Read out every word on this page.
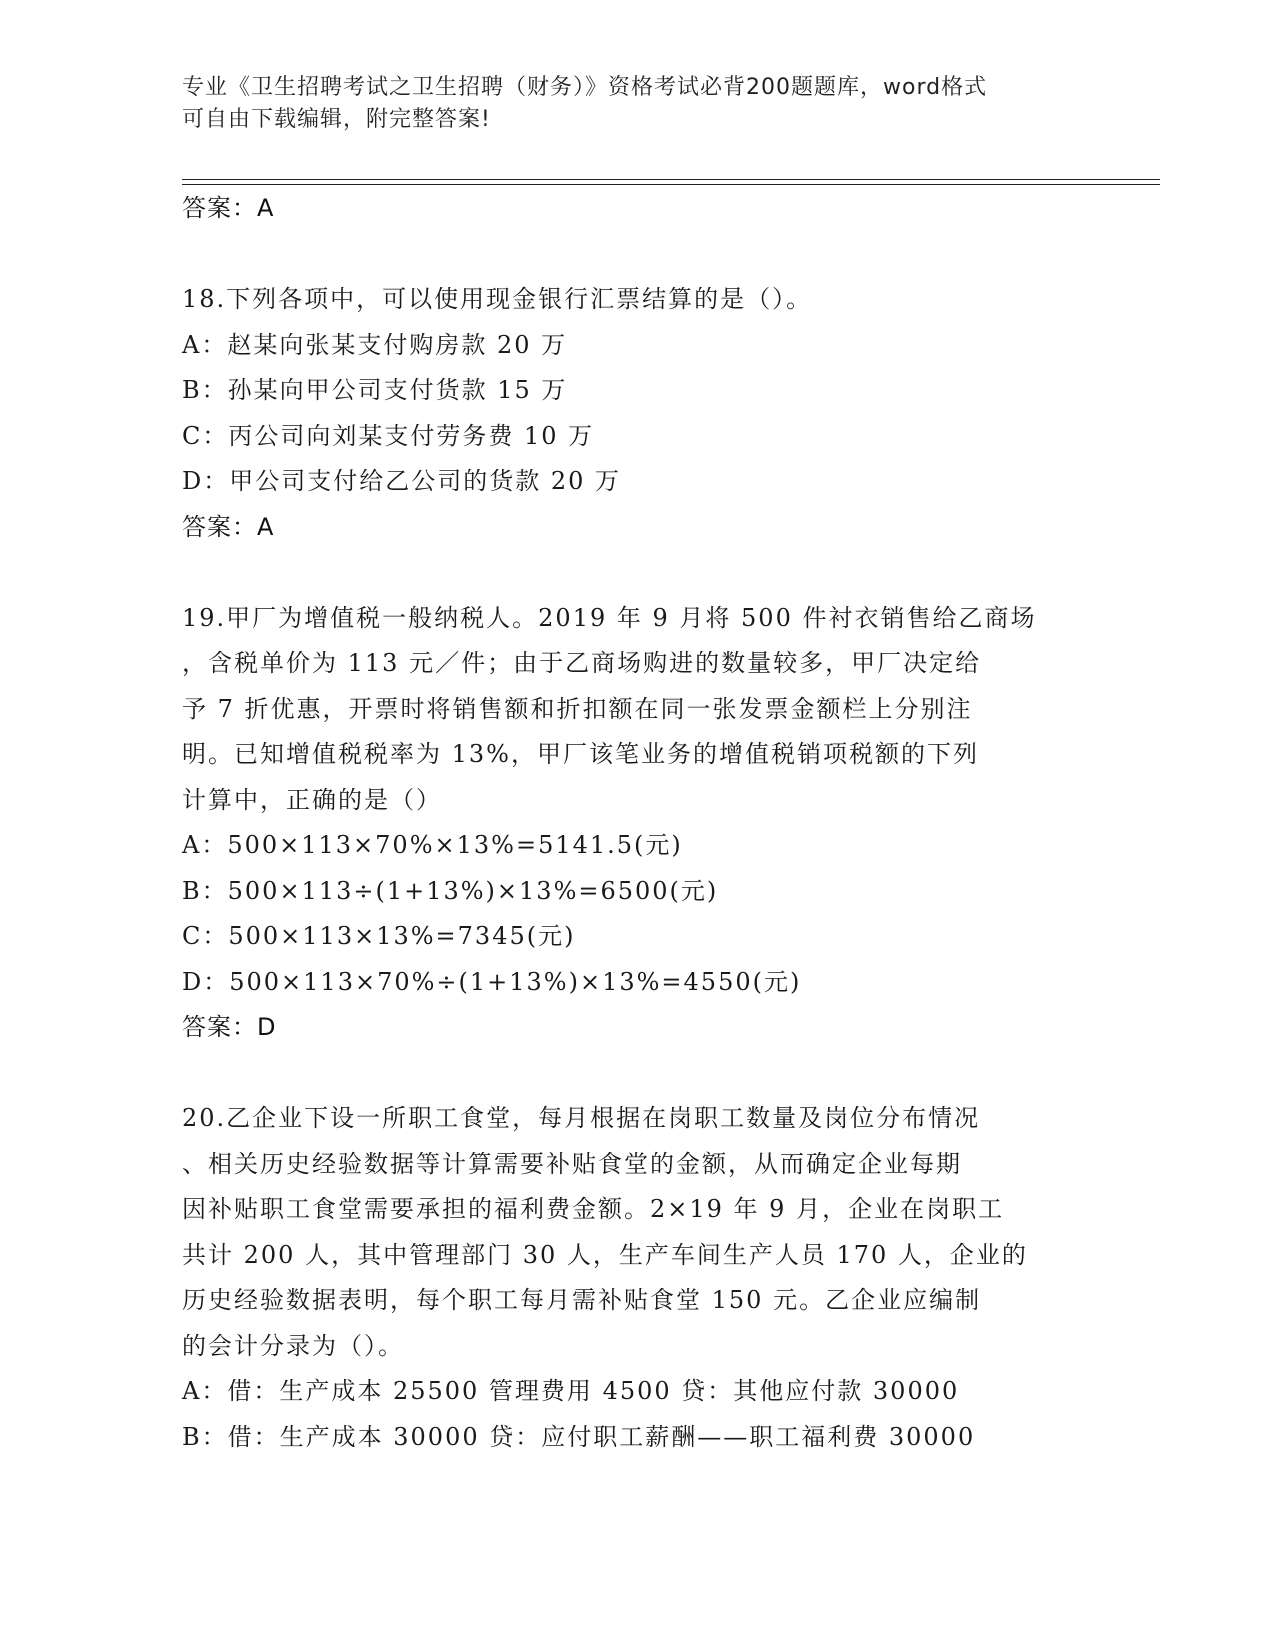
专业《卫生招聘考试之卫生招聘（财务）》资格考试必背200题题库，word格式
可自由下载编辑，附完整答案!
答案：A

18.下列各项中，可以使用现金银行汇票结算的是（）。

A：赵某向张某支付购房款 20 万

B：孙某向甲公司支付货款 15 万

C：丙公司向刘某支付劳务费 10 万

D：甲公司支付给乙公司的货款 20 万

答案：A

19.甲厂为增值税一般纳税人。2019 年 9 月将 500 件衬衣销售给乙商场

，含税单价为 113 元／件；由于乙商场购进的数量较多，甲厂决定给

予 7 折优惠，开票时将销售额和折扣额在同一张发票金额栏上分别注

明。已知增值税税率为 13%，甲厂该笔业务的增值税销项税额的下列

计算中，正确的是（）

A：500×113×70%×13%=5141.5(元)

B：500×113÷(1+13%)×13%=6500(元)

C：500×113×13%=7345(元)

D：500×113×70%÷(1+13%)×13%=4550(元)

答案：D

20.乙企业下设一所职工食堂，每月根据在岗职工数量及岗位分布情况

、相关历史经验数据等计算需要补贴食堂的金额，从而确定企业每期

因补贴职工食堂需要承担的福利费金额。2×19 年 9 月，企业在岗职工

共计 200 人，其中管理部门 30 人，生产车间生产人员 170 人，企业的

历史经验数据表明，每个职工每月需补贴食堂 150 元。乙企业应编制

的会计分录为（）。

A：借：生产成本 25500 管理费用 4500 贷：其他应付款 30000

B：借：生产成本 30000 贷：应付职工薪酬——职工福利费 30000
